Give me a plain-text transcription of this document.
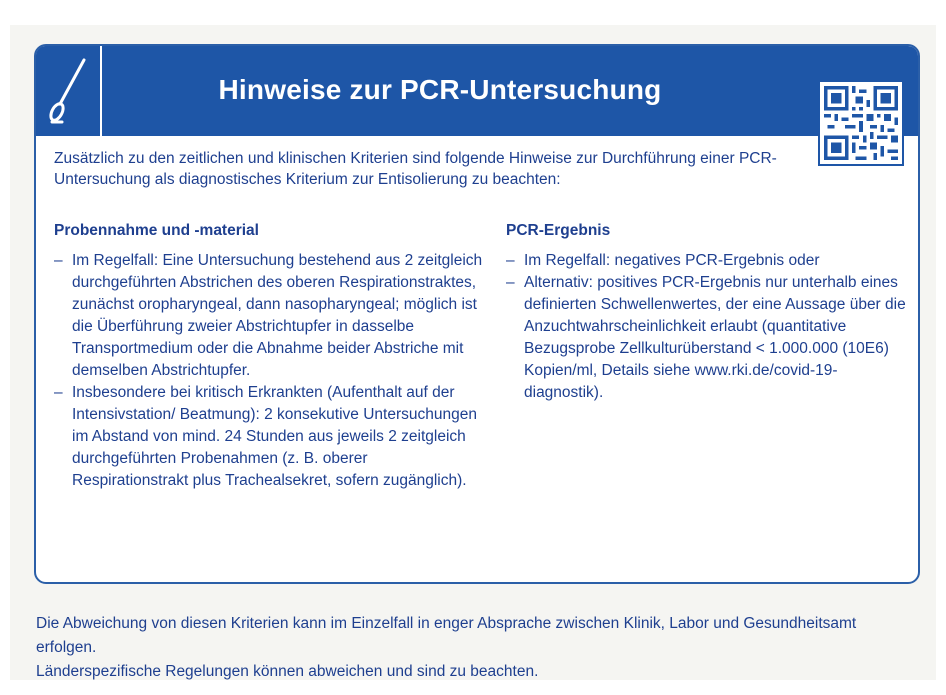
Hinweise zur PCR-Untersuchung
Zusätzlich zu den zeitlichen und klinischen Kriterien sind folgende Hinweise zur Durchführung einer PCR-Untersuchung als diagnostisches Kriterium zur Entisolierung zu beachten:
Probennahme und -material
– Im Regelfall: Eine Untersuchung bestehend aus 2 zeitgleich durchgeführten Abstrichen des oberen Respirationstraktes, zunächst oropharyngeal, dann nasopharyngeal; möglich ist die Überführung zweier Abstrichtupfer in dasselbe Transportmedium oder die Abnahme beider Abstriche mit demselben Abstrichtupfer.
– Insbesondere bei kritisch Erkrankten (Aufenthalt auf der Intensivstation/ Beatmung): 2 konsekutive Untersuchungen im Abstand von mind. 24 Stunden aus jeweils 2 zeitgleich durchgeführten Probenahmen (z. B. oberer Respirationstrakt plus Trachealsekret, sofern zugänglich).
PCR-Ergebnis
– Im Regelfall: negatives PCR-Ergebnis oder
– Alternativ: positives PCR-Ergebnis nur unterhalb eines definierten Schwellenwertes, der eine Aussage über die Anzuchtwahrscheinlichkeit erlaubt (quantitative Bezugsprobe Zellkulturüberstand < 1.000.000 (10E6) Kopien/ml, Details siehe www.rki.de/covid-19-diagnostik).
Die Abweichung von diesen Kriterien kann im Einzelfall in enger Absprache zwischen Klinik, Labor und Gesundheitsamt erfolgen.
Länderspezifische Regelungen können abweichen und sind zu beachten.
